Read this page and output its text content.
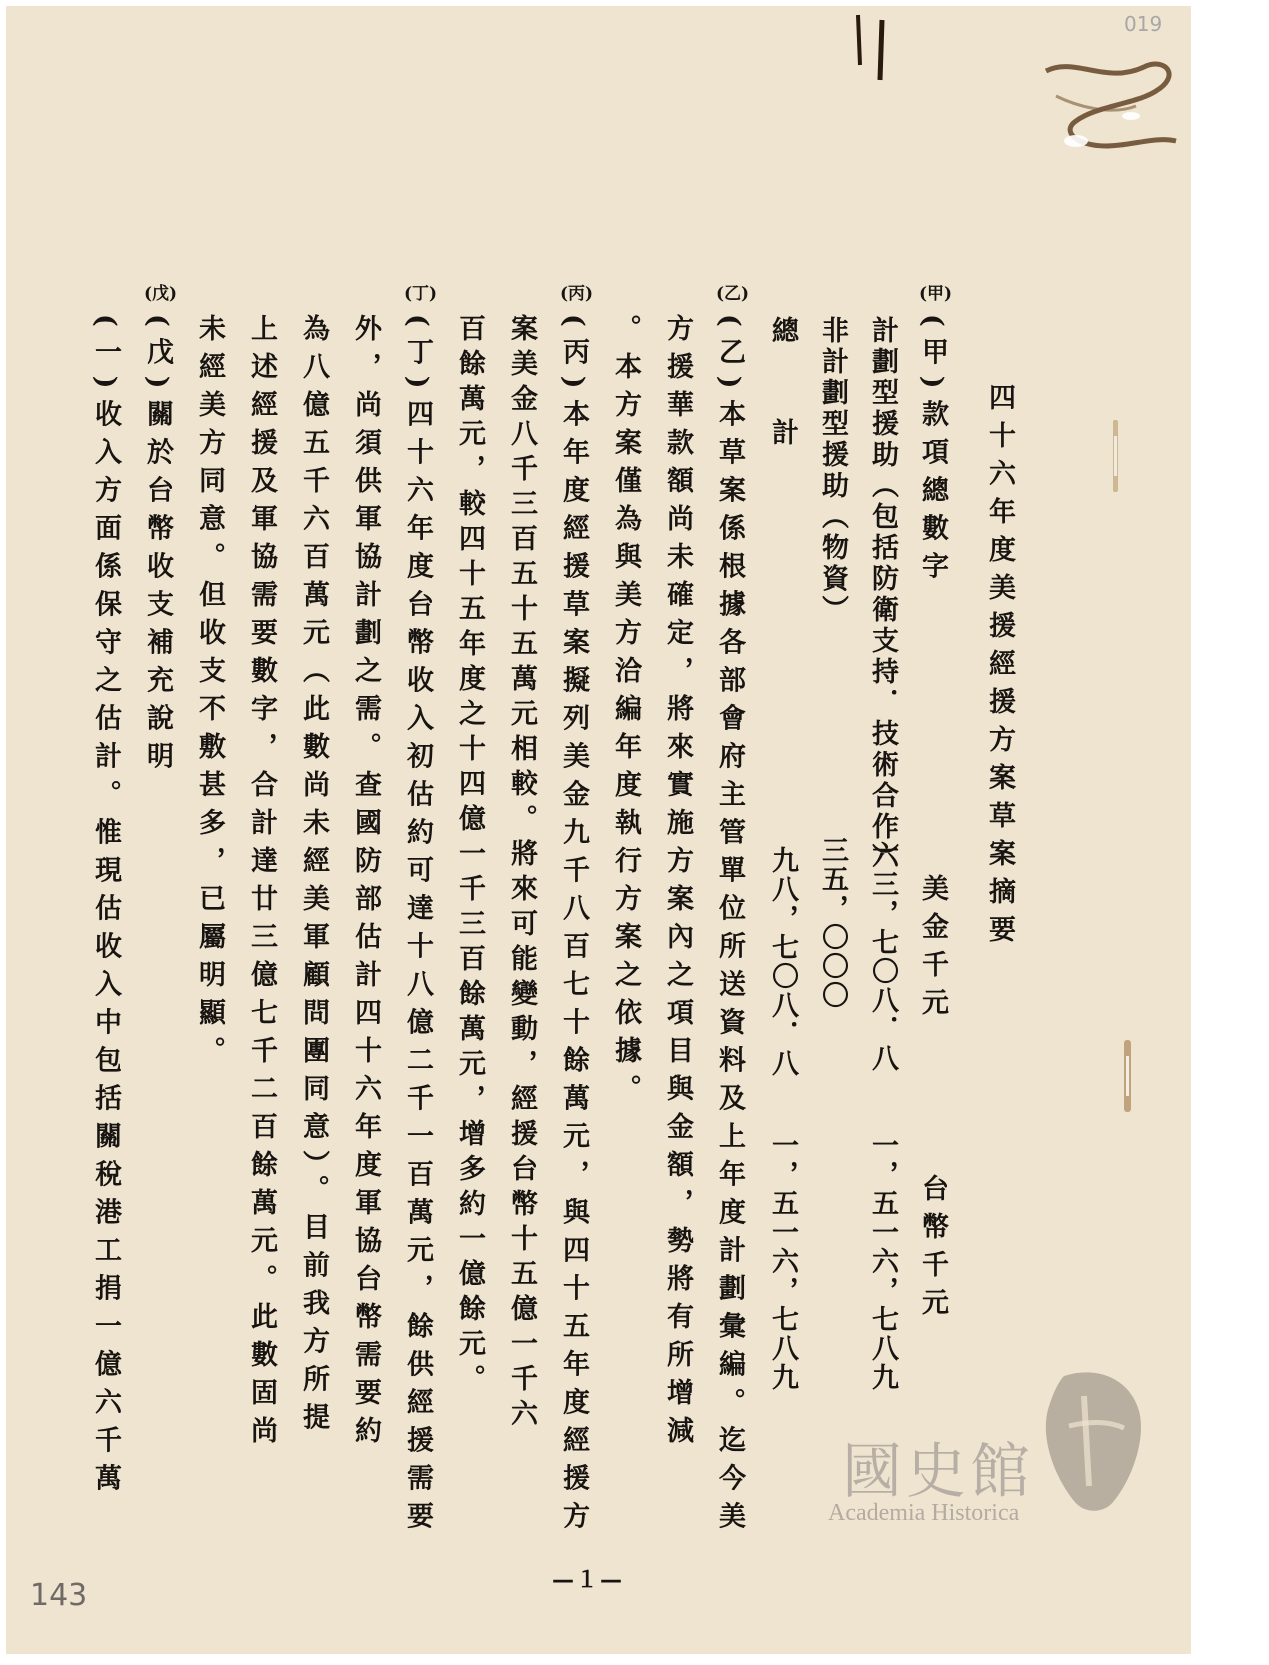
四十六年度美援經援方案草案摘要
(甲)
(甲)款項總數字
計劃型援助（包括防衛支持．技術合作）
非計劃型援助（物資）
總　計
美金千元
台幣千元
六三，七〇八．八
一，五一六，七八九
三五，〇〇〇
九八，七〇八．八
一，五一六，七八九
(乙)
(乙)本草案係根據各部會府主管單位所送資料及上年度計劃彙編。迄今美
方援華款額尚未確定，將來實施方案內之項目與金額，勢將有所增減
。本方案僅為與美方洽編年度執行方案之依據。
(丙)
(丙)本年度經援草案擬列美金九千八百七十餘萬元，與四十五年度經援方
案美金八千三百五十五萬元相較。將來可能變動，經援台幣十五億一千六
百餘萬元，較四十五年度之十四億一千三百餘萬元，增多約一億餘元。
(丁)
(丁)四十六年度台幣收入初估約可達十八億二千一百萬元，餘供經援需要
外，尚須供軍協計劃之需。查國防部估計四十六年度軍協台幣需要約
為八億五千六百萬元（此數尚未經美軍顧問團同意）。目前我方所提
上述經援及軍協需要數字，合計達廿三億七千二百餘萬元。此數固尚
未經美方同意。但收支不敷甚多，已屬明顯。
(戊)
(戊)關於台幣收支補充說明
(一)收入方面係保守之估計。惟現估收入中包括關稅港工捐一億六千萬
—１—
019
143
國史館
Academia Historica
